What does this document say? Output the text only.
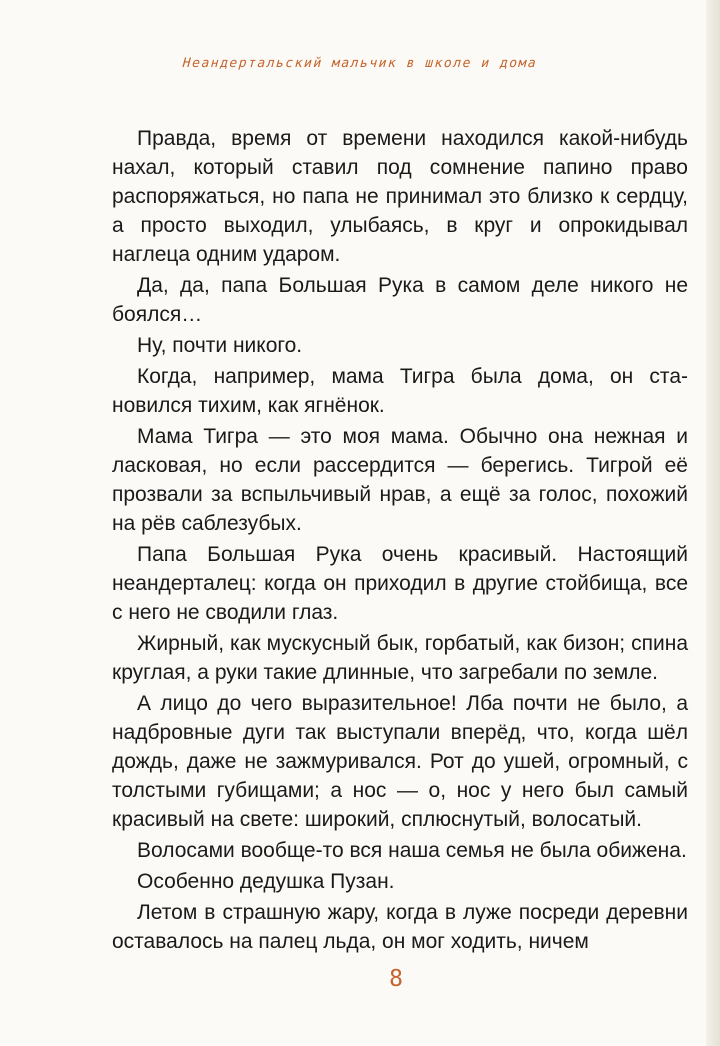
Неандертальский мальчик в школе и дома

Правда, время от времени находился какой-нибудь нахал, который ставил под сомнение папино право распоряжаться, но папа не принимал это близко к сердцу, а просто выходил, улыбаясь, в круг и опрокидывал наглеца одним ударом.

Да, да, папа Большая Рука в самом деле никого не боялся…

Ну, почти никого.

Когда, например, мама Тигра была дома, он становился тихим, как ягнёнок.

Мама Тигра — это моя мама. Обычно она нежная и ласковая, но если рассердится — берегись. Тигрой её прозвали за вспыльчивый нрав, а ещё за голос, похожий на рёв саблезубых.

Папа Большая Рука очень красивый. Настоящий неандерталец: когда он приходил в другие стойбища, все с него не сводили глаз.

Жирный, как мускусный бык, горбатый, как бизон; спина круглая, а руки такие длинные, что загребали по земле.

А лицо до чего выразительное! Лба почти не было, а надбровные дуги так выступали вперёд, что, когда шёл дождь, даже не зажмуривался. Рот до ушей, огромный, с толстыми губищами; а нос — о, нос у него был самый красивый на свете: широкий, сплюснутый, волосатый.

Волосами вообще-то вся наша семья не была обижена.

Особенно дедушка Пузан.

Летом в страшную жару, когда в луже посреди деревни оставалось на палец льда, он мог ходить, ничем

8
